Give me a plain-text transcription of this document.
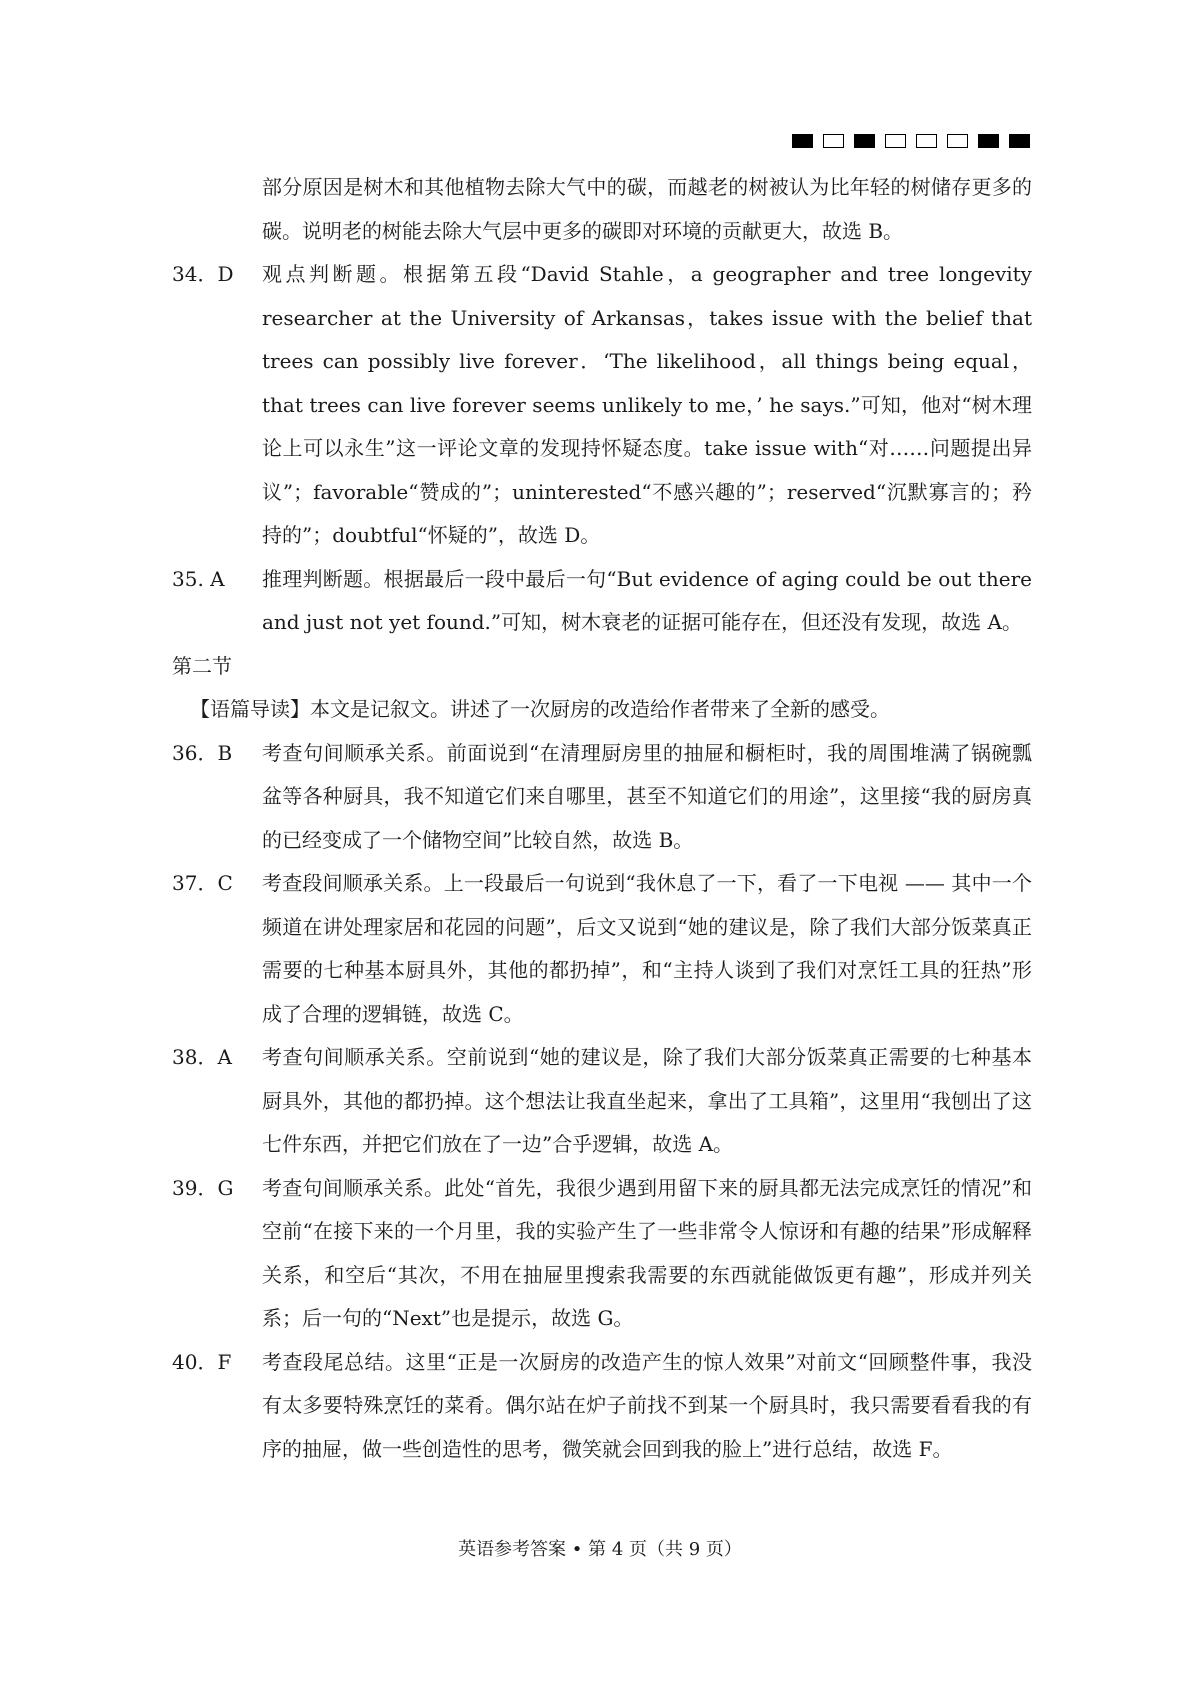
部分原因是树木和其他植物去除大气中的碳，而越老的树被认为比年轻的树储存更多的碳。说明老的树能去除大气层中更多的碳即对环境的贡献更大，故选 B。
34．D	观点判断题。根据第五段“David Stahle，a geographer and tree longevity researcher at the University of Arkansas，takes issue with the belief that trees can possibly live forever．‘The likelihood，all things being equal，that trees can live forever seems unlikely to me，’ he says.”可知，他对“树木理论上可以永生”这一评论文章的发现持怀疑态度。take issue with“对……问题提出异议”；favorable“赞成的”；uninterested“不感兴趣的”；reserved“沉默寡言的；矜持的”；doubtful“怀疑的”，故选 D。
35. A	推理判断题。根据最后一段中最后一句“But evidence of aging could be out there and just not yet found.”可知，树木衰老的证据可能存在，但还没有发现，故选 A。
第二节
【语篇导读】本文是记叙文。讲述了一次厨房的改造给作者带来了全新的感受。
36．B	考查句间顺承关系。前面说到“在清理厨房里的抽屉和橱柜时，我的周围堆满了锅碗瓢盆等各种厨具，我不知道它们来自哪里，甚至不知道它们的用途”，这里接“我的厨房真的已经变成了一个储物空间”比较自然，故选 B。
37．C	考查段间顺承关系。上一段最后一句说到“我休息了一下，看了一下电视 —— 其中一个频道在讲处理家居和花园的问题”，后文又说到“她的建议是，除了我们大部分饭菜真正需要的七种基本厨具外，其他的都扔掉”，和“主持人谈到了我们对烹饪工具的狂热”形成了合理的逻辑链，故选 C。
38．A	考查句间顺承关系。空前说到“她的建议是，除了我们大部分饭菜真正需要的七种基本厨具外，其他的都扔掉。这个想法让我直坐起来，拿出了工具箱”，这里用“我刨出了这七件东西，并把它们放在了一边”合乎逻辑，故选 A。
39．G	考查句间顺承关系。此处“首先，我很少遇到用留下来的厨具都无法完成烹饪的情况”和空前“在接下来的一个月里，我的实验产生了一些非常令人惊讶和有趣的结果”形成解释关系，和空后“其次，不用在抽屉里搜索我需要的东西就能做饭更有趣”，形成并列关系；后一句的“Next”也是提示，故选 G。
40．F	考查段尾总结。这里“正是一次厨房的改造产生的惊人效果”对前文“回顾整件事，我没有太多要特殊烹饪的菜肴。偶尔站在炉子前找不到某一个厨具时，我只需要看看我的有序的抽屉，做一些创造性的思考，微笑就会回到我的脸上”进行总结，故选 F。
英语参考答案 • 第 4 页（共 9 页）
